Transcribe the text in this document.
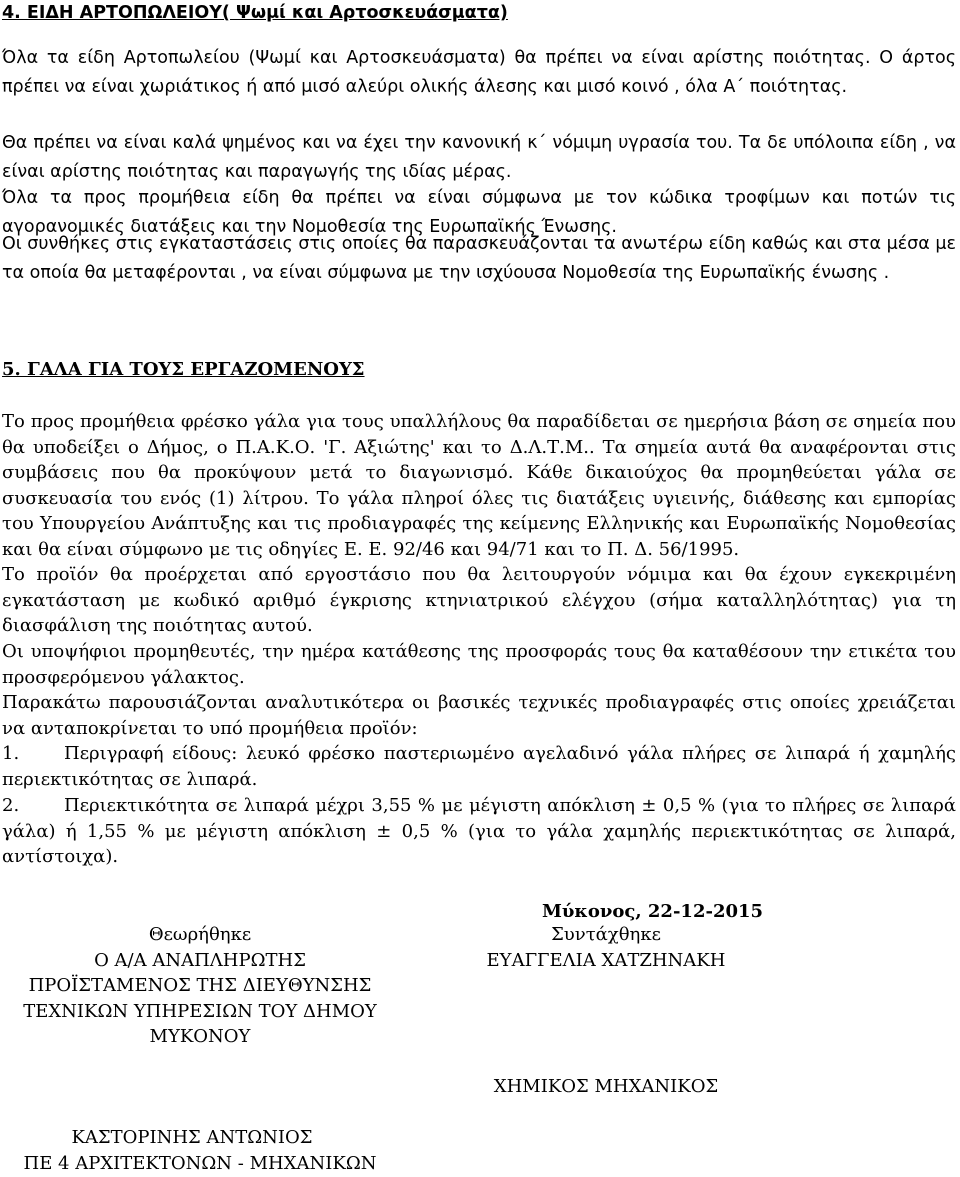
4. ΕΙΔΗ ΑΡΤΟΠΩΛΕΙΟΥ( Ψωμί και Αρτοσκευάσματα)

Όλα τα είδη Αρτοπωλείου (Ψωμί και Αρτοσκευάσματα) θα πρέπει να είναι αρίστης ποιότητας. Ο άρτος πρέπει να είναι χωριάτικος ή από μισό αλεύρι ολικής άλεσης και μισό κοινό , όλα Α΄ ποιότητας.

Θα πρέπει να είναι καλά ψημένος και να έχει την κανονική κ΄ νόμιμη υγρασία του. Τα δε υπόλοιπα είδη , να είναι αρίστης ποιότητας και παραγωγής της ιδίας μέρας.

Όλα τα προς προμήθεια είδη θα πρέπει να είναι σύμφωνα με τον κώδικα τροφίμων και ποτών τις αγορανομικές διατάξεις και την Νομοθεσία της Ευρωπαϊκής Ένωσης.

Οι συνθήκες στις εγκαταστάσεις στις οποίες θα παρασκευάζονται τα ανωτέρω είδη καθώς και στα μέσα με τα οποία θα μεταφέρονται , να είναι σύμφωνα με την ισχύουσα Νομοθεσία της Ευρωπαϊκής ένωσης .

5. ΓΑΛΑ ΓΙΑ ΤΟΥΣ ΕΡΓΑΖΟΜΕΝΟΥΣ

Το προς προμήθεια φρέσκο γάλα για τους υπαλλήλους θα παραδίδεται σε ημερήσια βάση σε σημεία που θα υποδείξει ο Δήμος, ο Π.Α.Κ.Ο. 'Γ. Αξιώτης' και το Δ.Λ.Τ.Μ.. Τα σημεία αυτά θα αναφέρονται στις συμβάσεις που θα προκύψουν μετά το διαγωνισμό. Κάθε δικαιούχος θα προμηθεύεται γάλα σε συσκευασία του ενός (1) λίτρου. Το γάλα πληροί όλες τις διατάξεις υγιεινής, διάθεσης και εμπορίας του Υπουργείου Ανάπτυξης και τις προδιαγραφές της κείμενης Ελληνικής και Ευρωπαϊκής Νομοθεσίας και θα είναι σύμφωνο με τις οδηγίες Ε. Ε. 92/46 και 94/71 και το Π. Δ. 56/1995.

Το προϊόν θα προέρχεται από εργοστάσιο που θα λειτουργούν νόμιμα και θα έχουν εγκεκριμένη εγκατάσταση με κωδικό αριθμό έγκρισης κτηνιατρικού ελέγχου (σήμα καταλληλότητας) για τη διασφάλιση της ποιότητας αυτού.

Οι υποψήφιοι προμηθευτές, την ημέρα κατάθεσης της προσφοράς τους θα καταθέσουν την ετικέτα του προσφερόμενου γάλακτος.

Παρακάτω παρουσιάζονται αναλυτικότερα οι βασικές τεχνικές προδιαγραφές στις οποίες χρειάζεται να ανταποκρίνεται το υπό προμήθεια προϊόν:

1. Περιγραφή είδους: λευκό φρέσκο παστεριωμένο αγελαδινό γάλα πλήρες σε λιπαρά ή χαμηλής περιεκτικότητας σε λιπαρά.

2. Περιεκτικότητα σε λιπαρά μέχρι 3,55 % με μέγιστη απόκλιση ± 0,5 % (για το πλήρες σε λιπαρά γάλα) ή 1,55 % με μέγιστη απόκλιση ± 0,5 % (για το γάλα χαμηλής περιεκτικότητας σε λιπαρά, αντίστοιχα).

Μύκονος, 22-12-2015
Θεωρήθηκε
Ο Α/Α ΑΝΑΠΛΗΡΩΤΗΣ
ΠΡΟΪΣΤΑΜΕΝΟΣ ΤΗΣ ΔΙΕΥΘΥΝΣΗΣ
ΤΕΧΝΙΚΩΝ ΥΠΗΡΕΣΙΩΝ ΤΟΥ ΔΗΜΟΥ
ΜΥΚΟΝΟΥ
Συντάχθηκε
ΕΥΑΓΓΕΛΙΑ ΧΑΤΖΗΝΑΚΗ
ΧΗΜΙΚΟΣ ΜΗΧΑΝΙΚΟΣ
ΚΑΣΤΟΡΙΝΗΣ ΑΝΤΩΝΙΟΣ
ΠΕ 4 ΑΡΧΙΤΕΚΤΟΝΩΝ - ΜΗΧΑΝΙΚΩΝ
